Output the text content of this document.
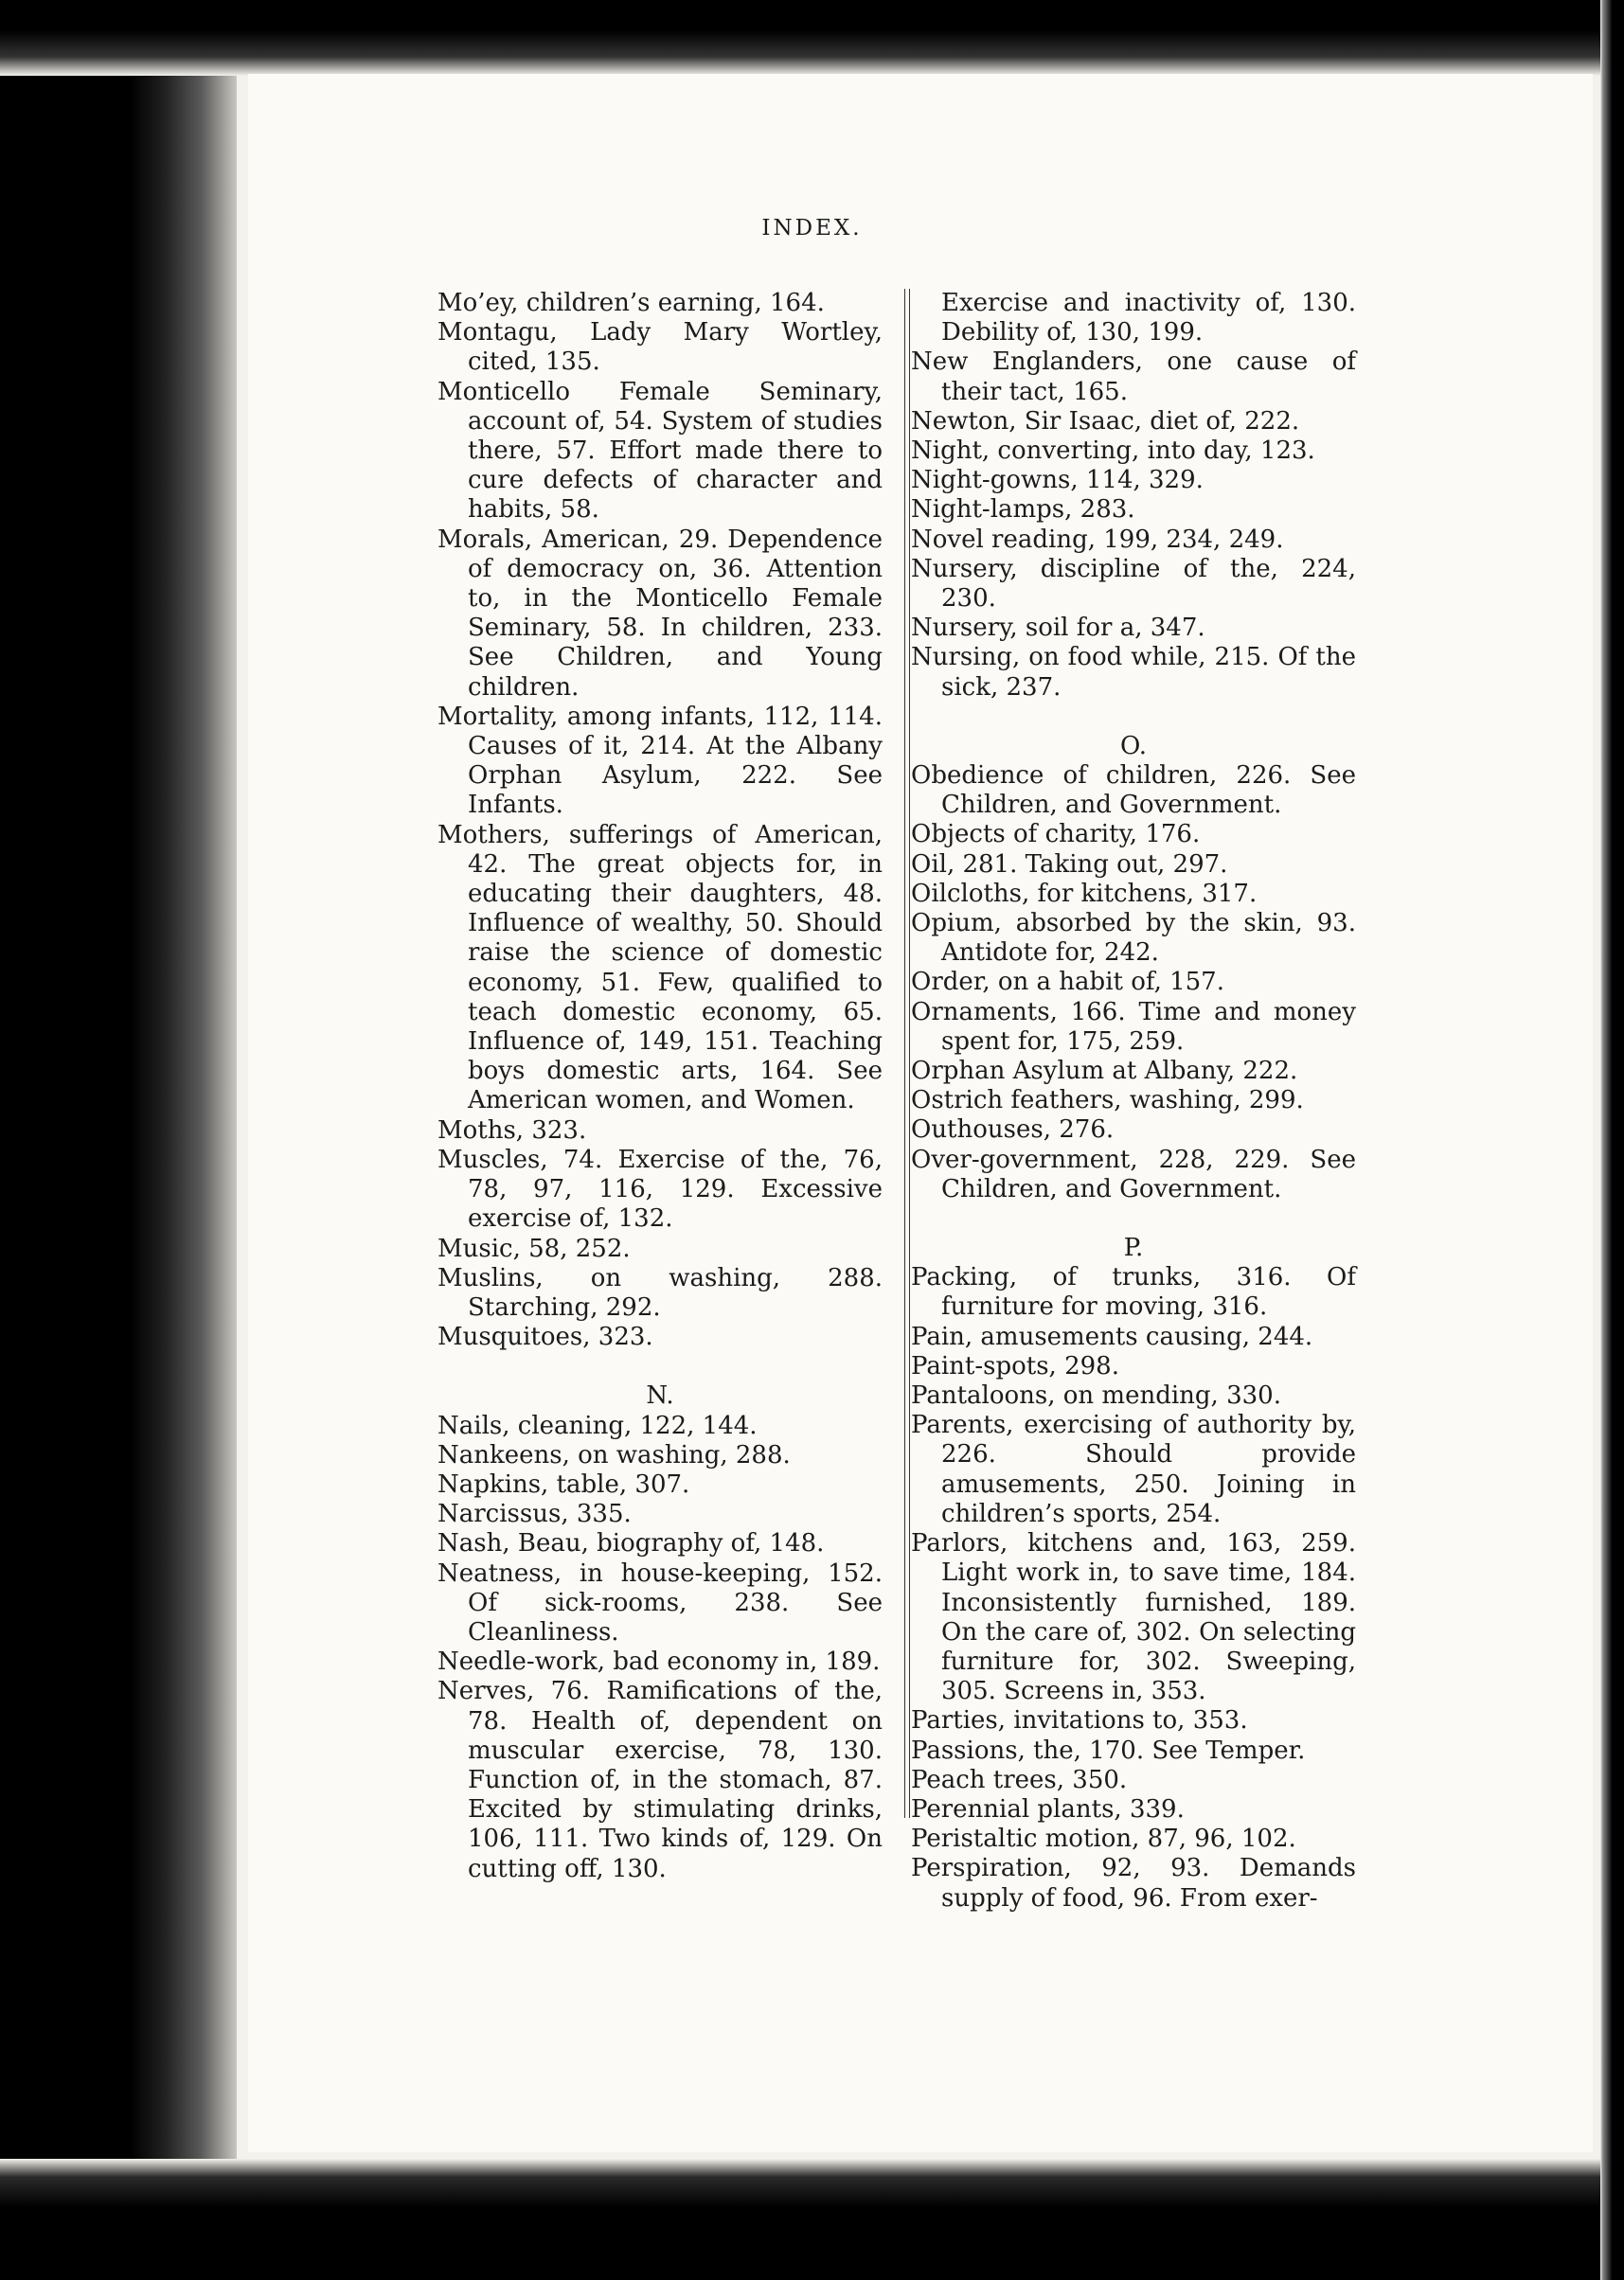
INDEX.

Mo’ey, children’s earning, 164.

Montagu, Lady Mary Wortley, cited, 135.

Monticello Female Seminary, account of, 54. System of studies there, 57. Effort made there to cure defects of character and habits, 58.

Morals, American, 29. Dependence of democracy on, 36. Attention to, in the Monticello Female Seminary, 58. In children, 233. See Children, and Young children.

Mortality, among infants, 112, 114. Causes of it, 214. At the Albany Orphan Asylum, 222. See Infants.

Mothers, sufferings of American, 42. The great objects for, in educating their daughters, 48. Influence of wealthy, 50. Should raise the science of domestic economy, 51. Few, qualified to teach domestic economy, 65. Influence of, 149, 151. Teaching boys domestic arts, 164. See American women, and Women.

Moths, 323.

Muscles, 74. Exercise of the, 76, 78, 97, 116, 129. Excessive exercise of, 132.

Music, 58, 252.

Muslins, on washing, 288. Starching, 292.

Musquitoes, 323.

N.

Nails, cleaning, 122, 144.

Nankeens, on washing, 288.

Napkins, table, 307.

Narcissus, 335.

Nash, Beau, biography of, 148.

Neatness, in house-keeping, 152. Of sick-rooms, 238. See Cleanliness.

Needle-work, bad economy in, 189.

Nerves, 76. Ramifications of the, 78. Health of, dependent on muscular exercise, 78, 130. Function of, in the stomach, 87. Excited by stimulating drinks, 106, 111. Two kinds of, 129. On cutting off, 130.

Exercise and inactivity of, 130. Debility of, 130, 199.

New Englanders, one cause of their tact, 165.

Newton, Sir Isaac, diet of, 222.

Night, converting, into day, 123.

Night-gowns, 114, 329.

Night-lamps, 283.

Novel reading, 199, 234, 249.

Nursery, discipline of the, 224, 230.

Nursery, soil for a, 347.

Nursing, on food while, 215. Of the sick, 237.

O.

Obedience of children, 226. See Children, and Government.

Objects of charity, 176.

Oil, 281. Taking out, 297.

Oilcloths, for kitchens, 317.

Opium, absorbed by the skin, 93. Antidote for, 242.

Order, on a habit of, 157.

Ornaments, 166. Time and money spent for, 175, 259.

Orphan Asylum at Albany, 222.

Ostrich feathers, washing, 299.

Outhouses, 276.

Over-government, 228, 229. See Children, and Government.

P.

Packing, of trunks, 316. Of furniture for moving, 316.

Pain, amusements causing, 244.

Paint-spots, 298.

Pantaloons, on mending, 330.

Parents, exercising of authority by, 226. Should provide amusements, 250. Joining in children’s sports, 254.

Parlors, kitchens and, 163, 259. Light work in, to save time, 184. Inconsistently furnished, 189. On the care of, 302. On selecting furniture for, 302. Sweeping, 305. Screens in, 353.

Parties, invitations to, 353.

Passions, the, 170. See Temper.

Peach trees, 350.

Perennial plants, 339.

Peristaltic motion, 87, 96, 102.

Perspiration, 92, 93. Demands supply of food, 96. From exer-
